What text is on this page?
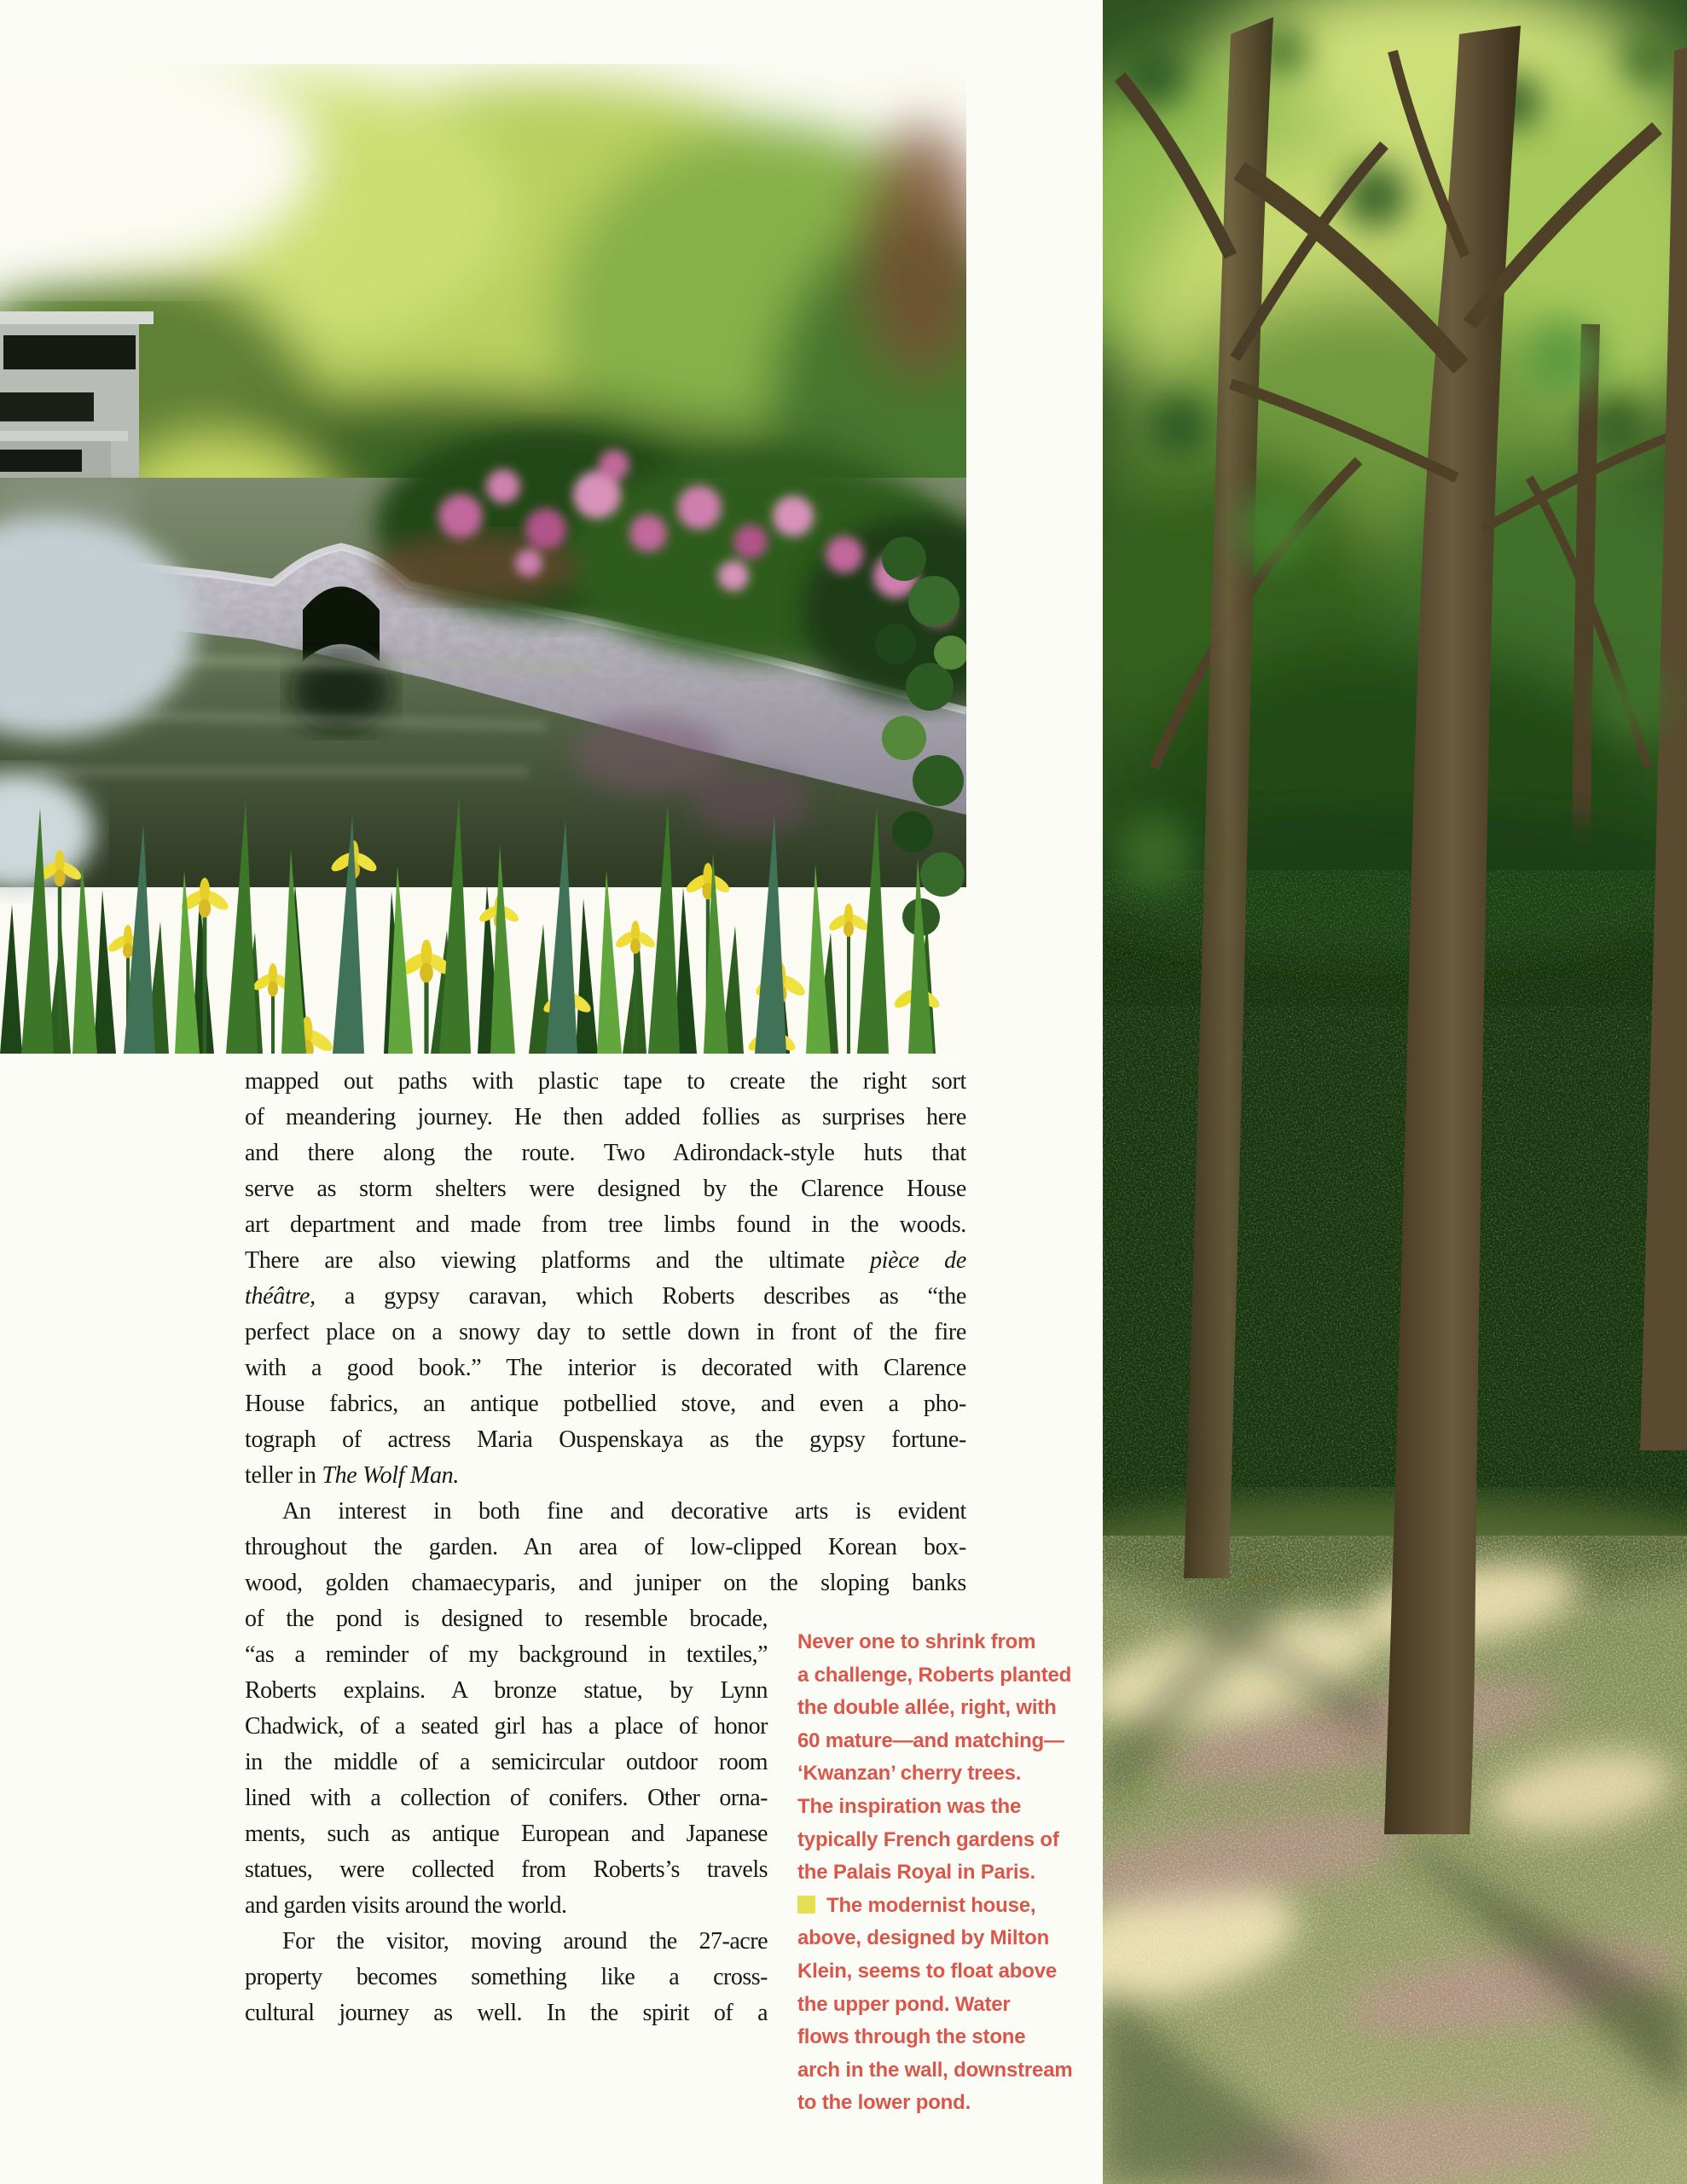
mapped out paths with plastic tape to create the right sort
of meandering journey. He then added follies as surprises here
and there along the route. Two Adirondack-style huts that
serve as storm shelters were designed by the Clarence House
art department and made from tree limbs found in the woods.
There are also viewing platforms and the ultimate pièce de
théâtre, a gypsy caravan, which Roberts describes as “the
perfect place on a snowy day to settle down in front of the fire
with a good book.” The interior is decorated with Clarence
House fabrics, an antique potbellied stove, and even a pho-
tograph of actress Maria Ouspenskaya as the gypsy fortune-
teller in The Wolf Man.
An interest in both fine and decorative arts is evident
throughout the garden. An area of low-clipped Korean box-
wood, golden chamaecyparis, and juniper on the sloping banks
of the pond is designed to resemble brocade,
“as a reminder of my background in textiles,”
Roberts explains. A bronze statue, by Lynn
Chadwick, of a seated girl has a place of honor
in the middle of a semicircular outdoor room
lined with a collection of conifers. Other orna-
ments, such as antique European and Japanese
statues, were collected from Roberts’s travels
and garden visits around the world.
For the visitor, moving around the 27-acre
property becomes something like a cross-
cultural journey as well. In the spirit of a
Never one to shrink from
a challenge, Roberts planted
the double allée, right, with
60 mature—and matching—
‘Kwanzan’ cherry trees.
The inspiration was the
typically French gardens of
the Palais Royal in Paris.
The modernist house,
above, designed by Milton
Klein, seems to float above
the upper pond. Water
flows through the stone
arch in the wall, downstream
to the lower pond.
